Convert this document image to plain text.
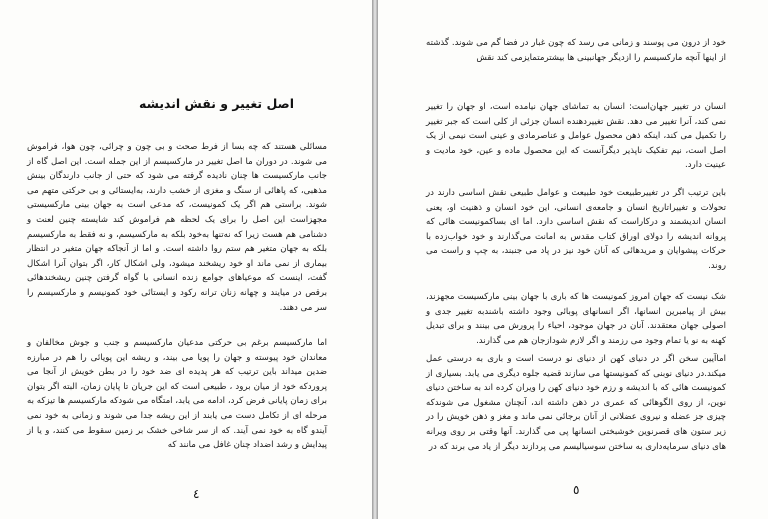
اصل تغییر و نقش اندیشه

مسائلی هستند که چه بسا از فرط صحت و بی چون و چرائی، چون هوا، فراموش می شوند. در دوران ما اصل تغییر در مارکسیسم از این جمله است. این اصل گاه از جانب مارکسیست ها چنان نادیده گرفته می شود که حتی از جانب دارندگان بینش مذهبی، که پاهائی از سنگ و مغزی از خشب دارند، به‌ایستائی و بی حرکتی متهم می شوند. براستی هم اگر یک کمونیست، که مدعی است به جهان بینی مارکسیستی مجهزاست این اصل را برای یک لحظه هم فراموش کند شایسته چنین لعنت و دشنامی هم هست زیرا که نه‌تنها به‌خود بلکه به مارکسیسم، و نه فقط به مارکسیسم بلکه به جهان متغیر هم ستم روا داشته است. و اما از آنجاکه جهان متغیر در انتظار بیماری از نمی ماند او خود ریشخند میشود، ولی اشکال کار، اگر بتوان آنرا اشکال گفت، اینست که موعیاهای جوامع زنده انسانی با گواه گرفتن چنین ریشخندهائی برقص در میایند و چهانه زنان ترانه رکود و ایستائی خود کمونیسم و مارکسیسم را سر می دهند.

اما مارکسیسم برغم بی حرکتی مدعیان مارکسیسم و جنب و جوش مخالفان و معاندان خود پیوسته و جهان را پویا می بیند، و ریشه این پویائی را هم در مبارزه ضدین میداند باین ترتیب که هر پدیده ای ضد خود را در بطن خویش از آنجا می پروردکه خود از میان برود ، طبیعی است که این جریان تا پایان زمان، البته اگر بتوان برای زمان پایانی فرض کرد، ادامه می یابد، امتگاه می شودکه مارکسیسم ها تیزکه به مرحله ای از تکامل دست می یابند از این ریشه جدا می شوند و زمانی به خود نمی آیندو گاه به خود نمی آیند. که از سر شاخی خشک بر زمین سقوط می کنند، و یا از پیدایش و رشد اضداد چنان غافل می مانند که

٤

خود از درون می پوسند و زمانی می رسد که چون غبار در فضا گم می شوند. گذشته از اینها آنچه مارکسیسم را ازدیگر جهانبینی ها بیشترمتمایزمی کند نقش

انسان در تغییر جهان‌است: انسان به تماشای جهان نیامده است، او جهان را تغییر نمی کند، آنرا تغییر می دهد. نقش تغییردهنده انسان جزئی از کلی است که جبر تغییر را تکمیل می کند، اینکه ذهن محصول عوامل و عناصرمادی و عینی است نیمی از یک اصل است، نیم تفکیک ناپذیر دیگرآنست که این محصول ماده و عین، خود مادیت و عینیت دارد.

باین ترتیب اگر در تغییرطبیعت خود طبیعت و عوامل طبیعی نقش اساسی دارند در تحولات و تغییراتاریخ انسان و جامعه‌ی انسانی، این خود انسان و ذهنیت او، یعنی انسان اندیشمند و درکاراست که نقش اساسی دارد. اما ای بساکمونیست هائی که پروانه اندیشه را دولای اوراق کتاب مقدس به امانت می‌گذارند و خود خواب‌زده با حرکات پیشوایان و مریدهائی که آنان خود نیز در پاد می جنبند، به چپ و راست می روند.

شک نیست که جهان امروز کمونیست ها که باری با جهان بینی مارکسیست مجهزند، بیش از پیامبرین انسانها، اگر انسانهای پوبائی وجود داشته باشندبه تغییر جدی و اصولی جهان معتقدند. آنان در جهان موجود، احیاء را پرورش می بینند و برای تبدیل کهنه به نو یا تمام وجود می رزمند و اگر لازم شودازجان هم می گذارند.

اماآیین سخن اگر در دنیای کهن از دنیای نو درست است و باری به درستی عمل میکند.در دنیای نوبنی که کمونیستها می سازند قضیه جلوه دیگری می یابد. بسیاری از کمونیست هائی که با اندیشه و رزم خود دنیای کهن را ویران کرده اند به ساختن دنیای نوین، از روی الگوهائی که عمری در ذهن داشته اند، آنچنان مشغول می شوندکه چیزی جز عضله و نیروی عضلانی از آنان برجائی نمی ماند و مغز و ذهن خویش را در زیر ستون های قصرنوین خوشبختی انسانها پی می گذارند. آنها وقتی بر روی ویرانه های دنیای سرمایه‌داری به ساختن سوسیالیسم می پردازند دیگر از یاد می برند که در

٥
